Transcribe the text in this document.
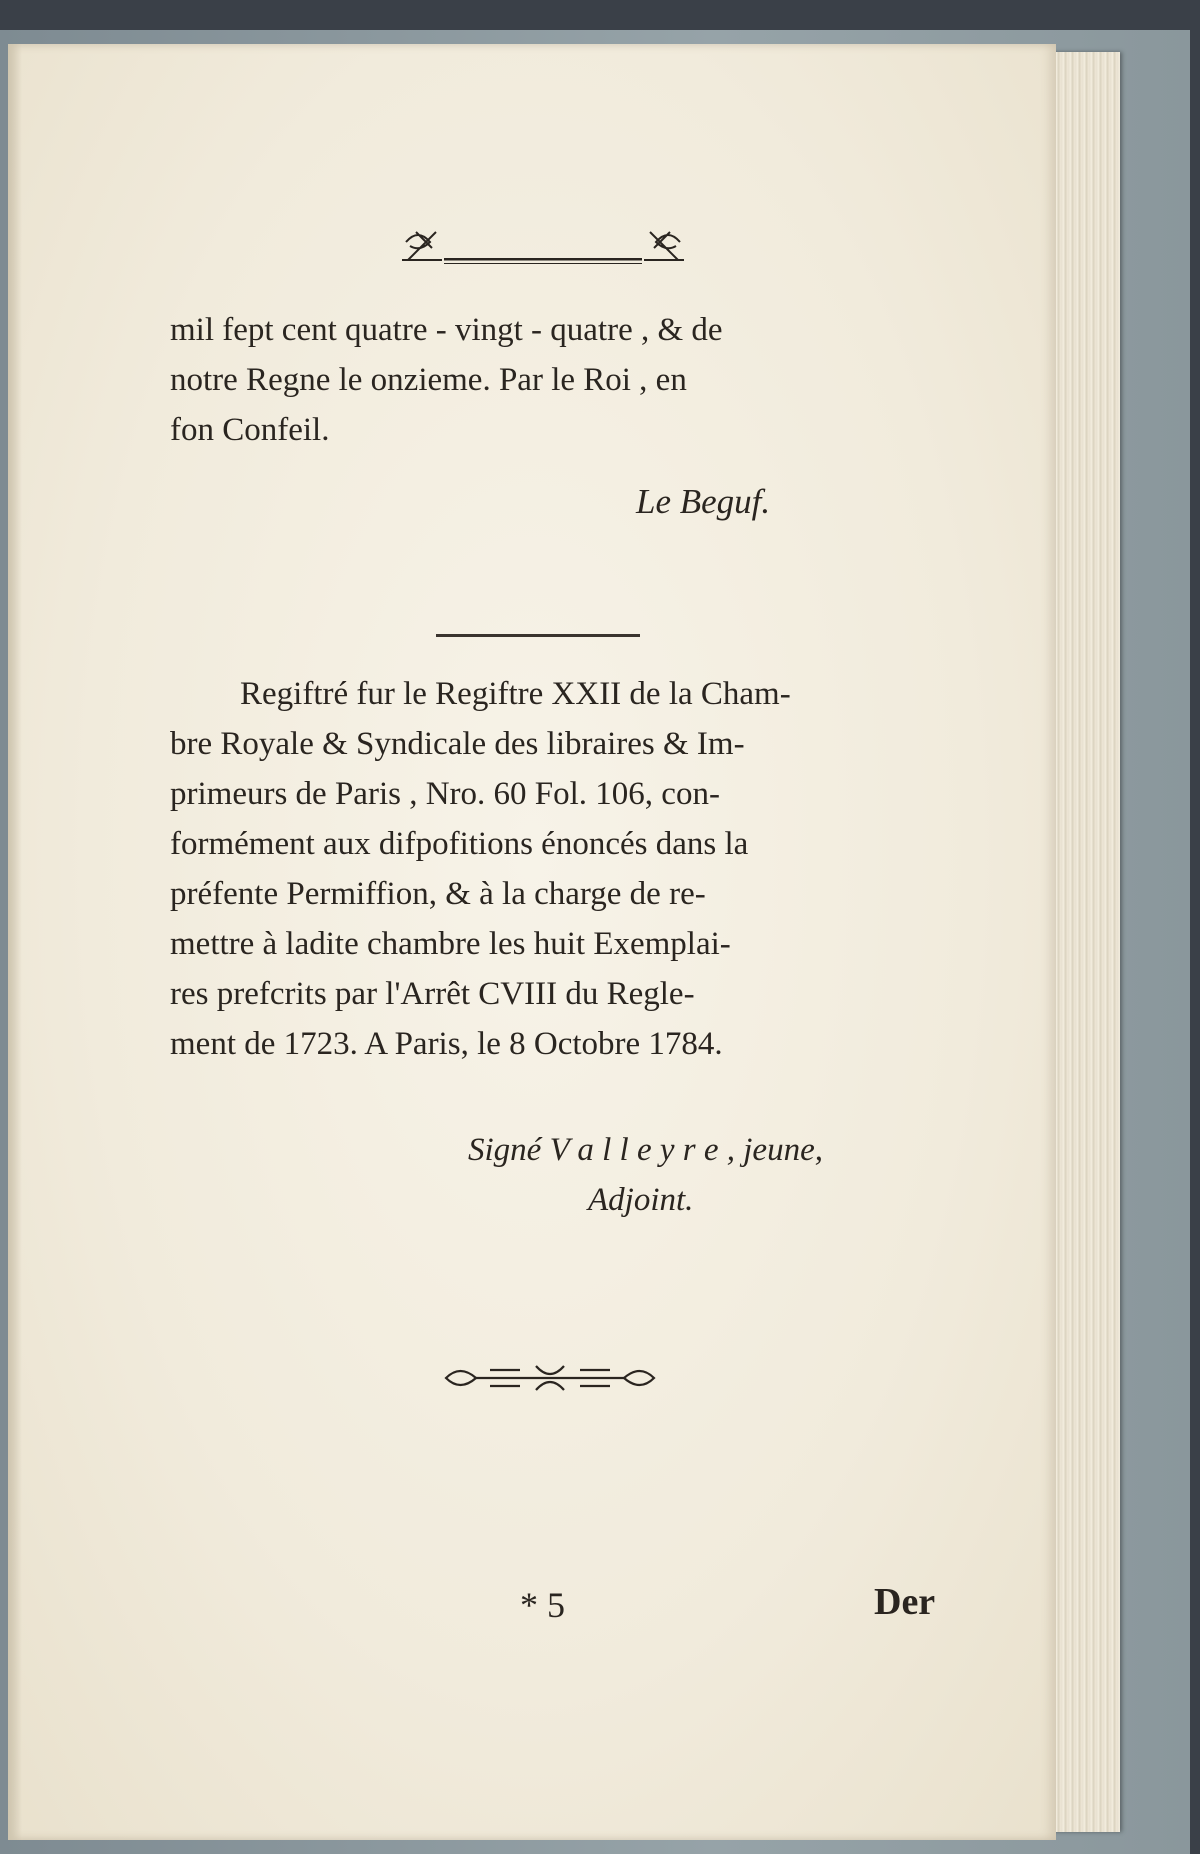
mil fept cent quatre - vingt - quatre , & de
notre Regne le onzieme. Par le Roi , en
fon Confeil.
Le Beguf.
Regiftré fur le Regiftre XXII de la Cham-
bre Royale & Syndicale des libraires & Im-
primeurs de Paris , Nro. 60 Fol. 106, con-
formément aux difpofitions énoncés dans la
préfente Permiffion, & à la charge de re-
mettre à ladite chambre les huit Exemplai-
res prefcrits par l'Arrêt CVIII du Regle-
ment de 1723. A Paris, le 8 Octobre 1784.
Signé V a l l e y r e , jeune,
Adjoint.
* 5	Der
